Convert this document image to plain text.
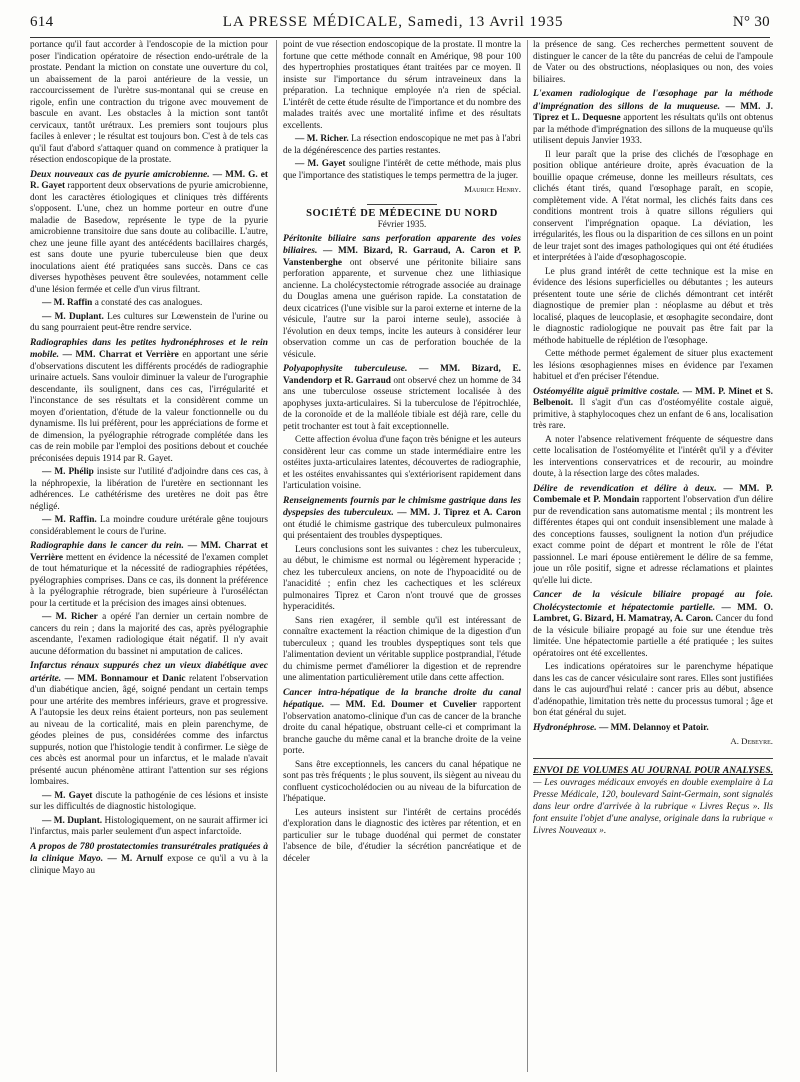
614	LA PRESSE MÉDICALE, Samedi, 13 Avril 1935	N° 30

portance qu'il faut accorder à l'endoscopie de la miction pour poser l'indication opératoire de résection endo-urétrale de la prostate. Pendant la miction on constate une ouverture du col, un abaissement de la paroi antérieure de la vessie, un raccourcissement de l'urètre sus-montanal qui se creuse en rigole, enfin une contraction du trigone avec mouvement de bascule en avant. Les obstacles à la miction sont tantôt cervicaux, tantôt urétraux. Les premiers sont toujours plus faciles à enlever ; le résultat est toujours bon. C'est à de tels cas qu'il faut d'abord s'attaquer quand on commence à pratiquer la résection endoscopique de la prostate.

Deux nouveaux cas de pyurie amicrobienne. — MM. G. et R. Gayet rapportent deux observations de pyurie amicrobienne, dont les caractères étiologiques et cliniques très différents s'opposent. L'une, chez un homme porteur en outre d'une maladie de Basedow, représente le type de la pyurie amicrobienne transitoire due sans doute au colibacille. L'autre, chez une jeune fille ayant des antécédents bacillaires chargés, est sans doute une pyurie tuberculeuse bien que deux inoculations aient été pratiquées sans succès. Dans ce cas diverses hypothèses peuvent être soulevées, notamment celle d'une lésion fermée et celle d'un virus filtrant.

— M. Raffin a constaté des cas analogues.

— M. Duplant. Les cultures sur Lœwenstein de l'urine ou du sang pourraient peut-être rendre service.

Radiographies dans les petites hydronéphroses et le rein mobile. — MM. Charrat et Verrière en apportant une série d'observations discutent les différents procédés de radiographie urinaire actuels. Sans vouloir diminuer la valeur de l'urographie descendante, ils soulignent, dans ces cas, l'irrégularité et l'inconstance de ses résultats et la considèrent comme un moyen d'orientation, d'étude de la valeur fonctionnelle ou du dynamisme. Ils lui préfèrent, pour les appréciations de forme et de dimension, la pyélographie rétrograde complétée dans les cas de rein mobile par l'emploi des positions debout et couchée préconisées depuis 1914 par R. Gayet.

— M. Phélip insiste sur l'utilité d'adjoindre dans ces cas, à la néphropexie, la libération de l'uretère en sectionnant les adhérences. Le cathétérisme des uretères ne doit pas être négligé.

— M. Raffin. La moindre coudure urétérale gêne toujours considérablement le cours de l'urine.

Radiographie dans le cancer du rein. — MM. Charrat et Verrière mettent en évidence la nécessité de l'examen complet de tout hématurique et la nécessité de radiographies répétées, pyélographies comprises. Dans ce cas, ils donnent la préférence à la pyélographie rétrograde, bien supérieure à l'uroséléctan pour la certitude et la précision des images ainsi obtenues.

— M. Richer a opéré l'an dernier un certain nombre de cancers du rein ; dans la majorité des cas, après pyélographie ascendante, l'examen radiologique était négatif. Il n'y avait aucune déformation du bassinet ni amputation de calices.

Infarctus rénaux suppurés chez un vieux diabétique avec artérite. — MM. Bonnamour et Danic relatent l'observation d'un diabétique ancien, âgé, soigné pendant un certain temps pour une artérite des membres inférieurs, grave et progressive. A l'autopsie les deux reins étaient porteurs, non pas seulement au niveau de la corticalité, mais en plein parenchyme, de géodes pleines de pus, considérées comme des infarctus suppurés, notion que l'histologie tendit à confirmer. Le siège de ces abcès est anormal pour un infarctus, et le malade n'avait présenté aucun phénomène attirant l'attention sur ses régions lombaires.

— M. Gayet discute la pathogénie de ces lésions et insiste sur les difficultés de diagnostic histologique.

— M. Duplant. Histologiquement, on ne saurait affirmer ici l'infarctus, mais parler seulement d'un aspect infarctoïde.

A propos de 780 prostatectomies transurétrales pratiquées à la clinique Mayo. — M. Arnulf expose ce qu'il a vu à la clinique Mayo au

point de vue résection endoscopique de la prostate. Il montre la fortune que cette méthode connaît en Amérique, 98 pour 100 des hypertrophies prostatiques étant traitées par ce moyen. Il insiste sur l'importance du sérum intraveineux dans la préparation. La technique employée n'a rien de spécial. L'intérêt de cette étude résulte de l'importance et du nombre des malades traités avec une mortalité infime et des résultats excellents.

— M. Richer. La résection endoscopique ne met pas à l'abri de la dégénérescence des parties restantes.

— M. Gayet souligne l'intérêt de cette méthode, mais plus que l'importance des statistiques le temps permettra de la juger.

Maurice Henry.
SOCIÉTÉ DE MÉDECINE DU NORD
Février 1935.

Péritonite biliaire sans perforation apparente des voies biliaires. — MM. Bizard, R. Garraud, A. Caron et P. Vanstenberghe ont observé une péritonite biliaire sans perforation apparente, et survenue chez une lithiasique ancienne. La cholécystectomie rétrograde associée au drainage du Douglas amena une guérison rapide. La constatation de deux cicatrices (l'une visible sur la paroi externe et interne de la vésicule, l'autre sur la paroi interne seule), associée à l'évolution en deux temps, incite les auteurs à considérer leur observation comme un cas de perforation bouchée de la vésicule.

Polyapophysite tuberculeuse. — MM. Bizard, E. Vandendorp et R. Garraud ont observé chez un homme de 34 ans une tuberculose osseuse strictement localisée à des apophyses juxta-articulaires. Si la tuberculose de l'épitrochlée, de la coronoïde et de la malléole tibiale est déjà rare, celle du petit trochanter est tout à fait exceptionnelle.

Cette affection évolua d'une façon très bénigne et les auteurs considèrent leur cas comme un stade intermédiaire entre les ostéites juxta-articulaires latentes, découvertes de radiographie, et les ostéites envahissantes qui s'extériorisent rapidement dans l'articulation voisine.

Renseignements fournis par le chimisme gastrique dans les dyspepsies des tuberculeux. — MM. J. Tiprez et A. Caron ont étudié le chimisme gastrique des tuberculeux pulmonaires qui présentaient des troubles dyspeptiques.

Leurs conclusions sont les suivantes : chez les tuberculeux, au début, le chimisme est normal ou légèrement hyperacide ; chez les tuberculeux anciens, on note de l'hypoacidité ou de l'anacidité ; enfin chez les cachectiques et les scléreux pulmonaires Tiprez et Caron n'ont trouvé que de grosses hyperacidités.

Sans rien exagérer, il semble qu'il est intéressant de connaître exactement la réaction chimique de la digestion d'un tuberculeux ; quand les troubles dyspeptiques sont tels que l'alimentation devient un véritable supplice postprandial, l'étude du chimisme permet d'améliorer la digestion et de reprendre une alimentation particulièrement utile dans cette affection.

Cancer intra-hépatique de la branche droite du canal hépatique. — MM. Ed. Doumer et Cuvelier rapportent l'observation anatomo-clinique d'un cas de cancer de la branche droite du canal hépatique, obstruant celle-ci et comprimant la branche gauche du même canal et la branche droite de la veine porte.

Sans être exceptionnels, les cancers du canal hépatique ne sont pas très fréquents ; le plus souvent, ils siègent au niveau du confluent cysticocholédocien ou au niveau de la bifurcation de l'hépatique.

Les auteurs insistent sur l'intérêt de certains procédés d'exploration dans le diagnostic des ictères par rétention, et en particulier sur le tubage duodénal qui permet de constater l'absence de bile, d'étudier la sécrétion pancréatique et de déceler

la présence de sang. Ces recherches permettent souvent de distinguer le cancer de la tête du pancréas de celui de l'ampoule de Vater ou des obstructions, néoplasiques ou non, des voies biliaires.

L'examen radiologique de l'œsophage par la méthode d'imprégnation des sillons de la muqueuse. — MM. J. Tiprez et L. Dequesne apportent les résultats qu'ils ont obtenus par la méthode d'imprégnation des sillons de la muqueuse qu'ils utilisent depuis Janvier 1933.

Il leur paraît que la prise des clichés de l'œsophage en position oblique antérieure droite, après évacuation de la bouillie opaque crémeuse, donne les meilleurs résultats, ces clichés étant tirés, quand l'œsophage paraît, en scopie, complètement vide. A l'état normal, les clichés faits dans ces conditions montrent trois à quatre sillons réguliers qui conservent l'imprégnation opaque. La déviation, les irrégularités, les flous ou la disparition de ces sillons en un point de leur trajet sont des images pathologiques qui ont été étudiées et interprétées à l'aide d'œsophagoscopie.

Le plus grand intérêt de cette technique est la mise en évidence des lésions superficielles ou débutantes ; les auteurs présentent toute une série de clichés démontrant cet intérêt diagnostique de premier plan : néoplasme au début et très localisé, plaques de leucoplasie, et œsophagite secondaire, dont le diagnostic radiologique ne pouvait pas être fait par la méthode habituelle de réplétion de l'œsophage.

Cette méthode permet également de situer plus exactement les lésions œsophagiennes mises en évidence par l'examen habituel et d'en préciser l'étendue.

Ostéomyélite aiguë primitive costale. — MM. P. Minet et S. Belbenoit. Il s'agit d'un cas d'ostéomyélite costale aiguë, primitive, à staphylocoques chez un enfant de 6 ans, localisation très rare.

A noter l'absence relativement fréquente de séquestre dans cette localisation de l'ostéomyélite et l'intérêt qu'il y a d'éviter les interventions conservatrices et de recourir, au moindre doute, à la résection large des côtes malades.

Délire de revendication et délire à deux. — MM. P. Combemale et P. Mondain rapportent l'observation d'un délire pur de revendication sans automatisme mental ; ils montrent les différentes étapes qui ont conduit insensiblement une malade à des conceptions fausses, soulignent la notion d'un préjudice exact comme point de départ et montrent le rôle de l'état passionnel. Le mari épouse entièrement le délire de sa femme, joue un rôle positif, signe et adresse réclamations et plaintes qu'elle lui dicte.

Cancer de la vésicule biliaire propagé au foie. Cholécystectomie et hépatectomie partielle. — MM. O. Lambret, G. Bizard, H. Mamatray, A. Caron. Cancer du fond de la vésicule biliaire propagé au foie sur une étendue très limitée. Une hépatectomie partielle a été pratiquée ; les suites opératoires ont été excellentes.

Les indications opératoires sur le parenchyme hépatique dans les cas de cancer vésiculaire sont rares. Elles sont justifiées dans le cas aujourd'hui relaté : cancer pris au début, absence d'adénopathie, limitation très nette du processus tumoral ; âge et bon état général du sujet.

Hydronéphrose. — MM. Delannoy et Patoir.

A. Debeyre.

ENVOI DE VOLUMES AU JOURNAL POUR ANALYSES. — Les ouvrages médicaux envoyés en double exemplaire à La Presse Médicale, 120, boulevard Saint-Germain, sont signalés dans leur ordre d'arrivée à la rubrique « Livres Reçus ». Ils font ensuite l'objet d'une analyse, originale dans la rubrique « Livres Nouveaux ».
